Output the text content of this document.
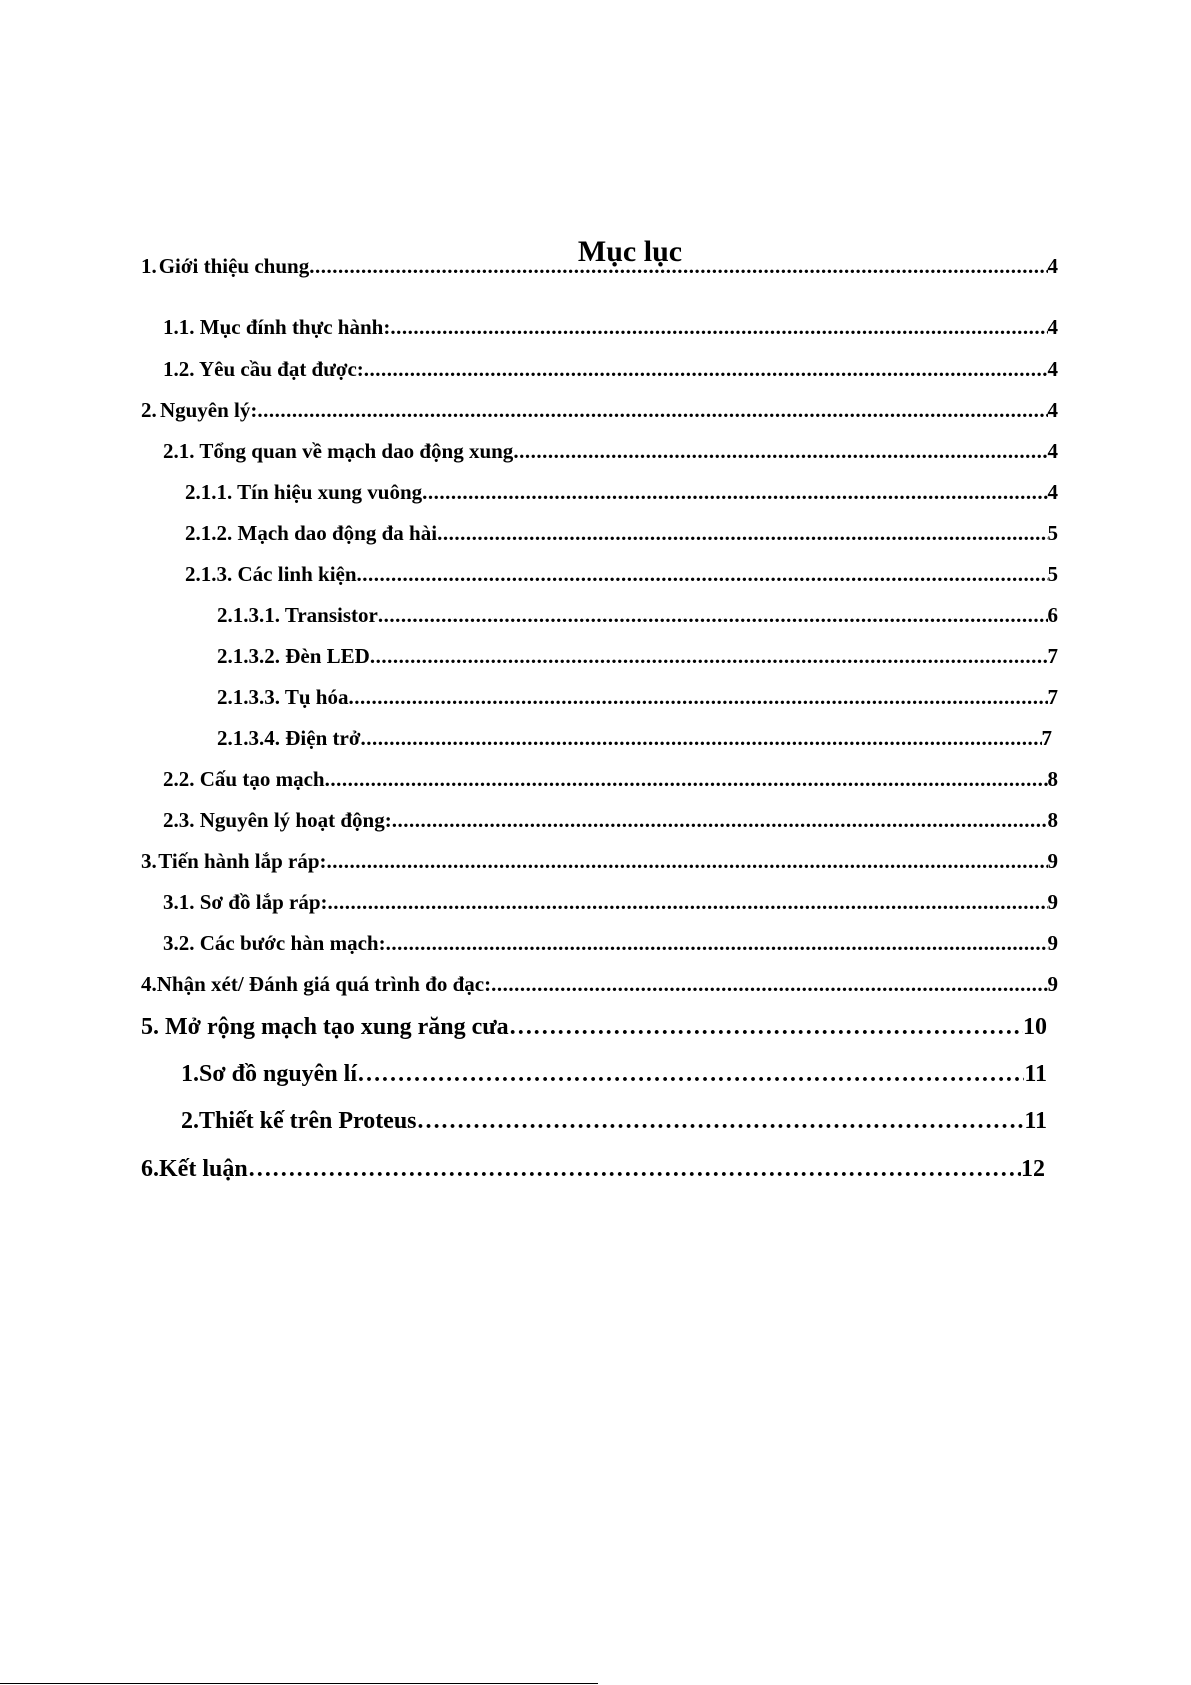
Mục lục
1. Giới thiệu chung .....	4
1.1. Mục đính thực hành: .....	4
1.2. Yêu cầu đạt được: .....	4
2. Nguyên lý: .....	4
2.1. Tổng quan về mạch dao động xung .....	4
2.1.1. Tín hiệu xung vuông .....	4
2.1.2. Mạch dao động đa hài .....	5
2.1.3. Các linh kiện .....	5
2.1.3.1. Transistor .....	6
2.1.3.2. Đèn LED .....	7
2.1.3.3. Tụ hóa .....	7
2.1.3.4. Điện trở .....	7
2.2. Cấu tạo mạch .....	8
2.3. Nguyên lý hoạt động: .....	8
3. Tiến hành lắp ráp: .....	9
3.1. Sơ đồ lắp ráp: .....	9
3.2. Các bước hàn mạch: .....	9
4. Nhận xét/ Đánh giá quá trình đo đạc: .....	9
5. Mở rộng mạch tạo xung răng cưa ……………………………………………………………………………………………………………………………………………………………………………………………………………………………………	10
1.Sơ đồ nguyên lí ……………………………………………………………………………………………………………………………………………………………………………………………………………………………………	11
2.Thiết kế trên Proteus ……………………………………………………………………………………………………………………………………………………………………………………………………………………………………	11
6.Kết luận ……………………………………………………………………………………………………………………………………………………………………………………………………………………………………	12
